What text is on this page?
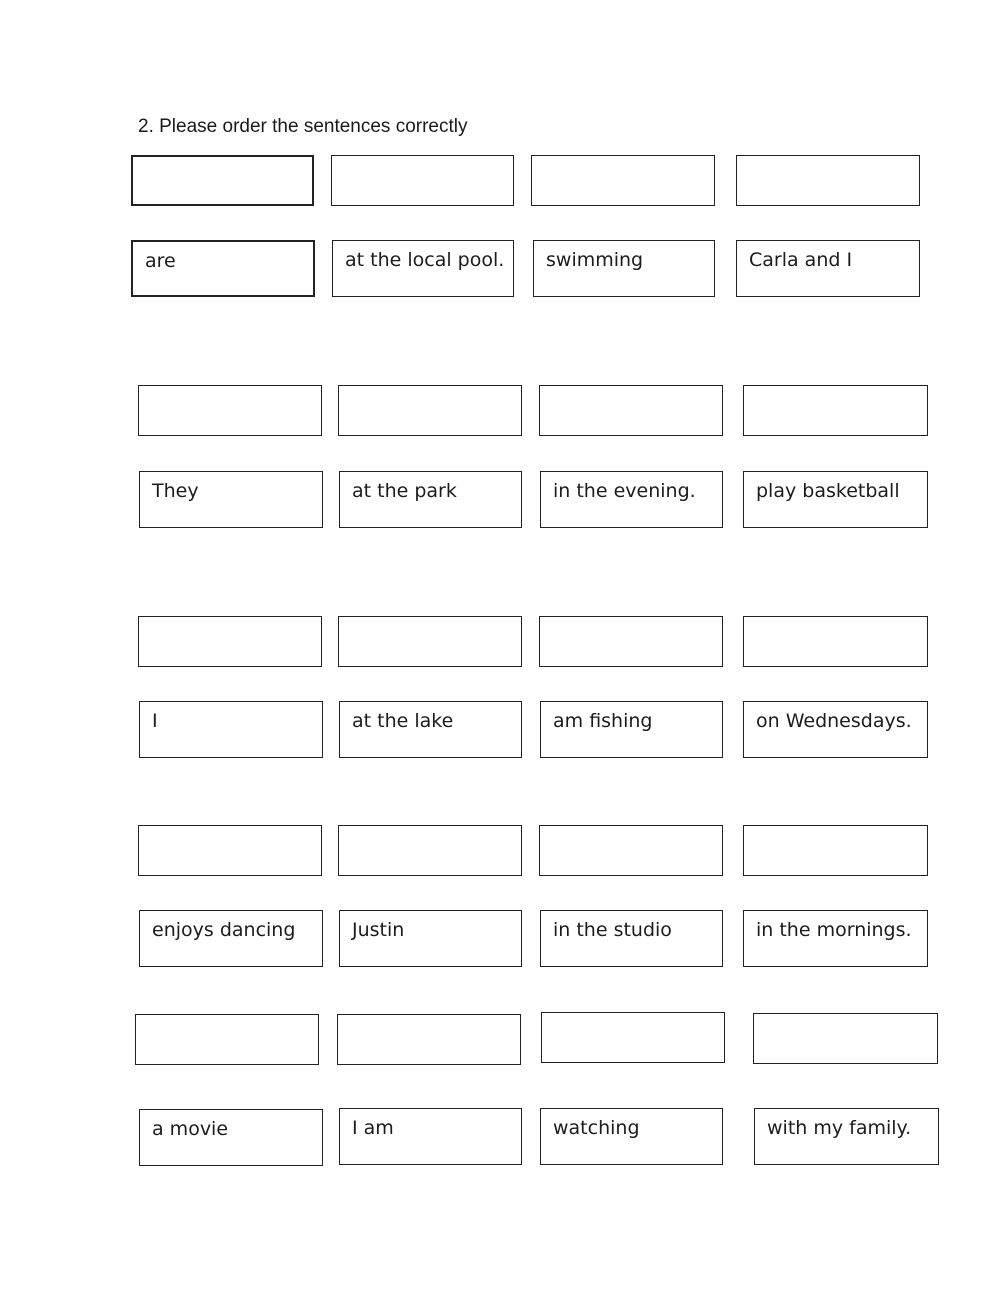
2. Please order the sentences correctly
are	at the local pool. swimming	Carla and I
They	at the park	in the evening.	play basketball
I	at the lake	am fishing	on Wednesdays.
enjoys dancing	Justin	in the studio	in the mornings.
a movie	I am	watching	with my family.
